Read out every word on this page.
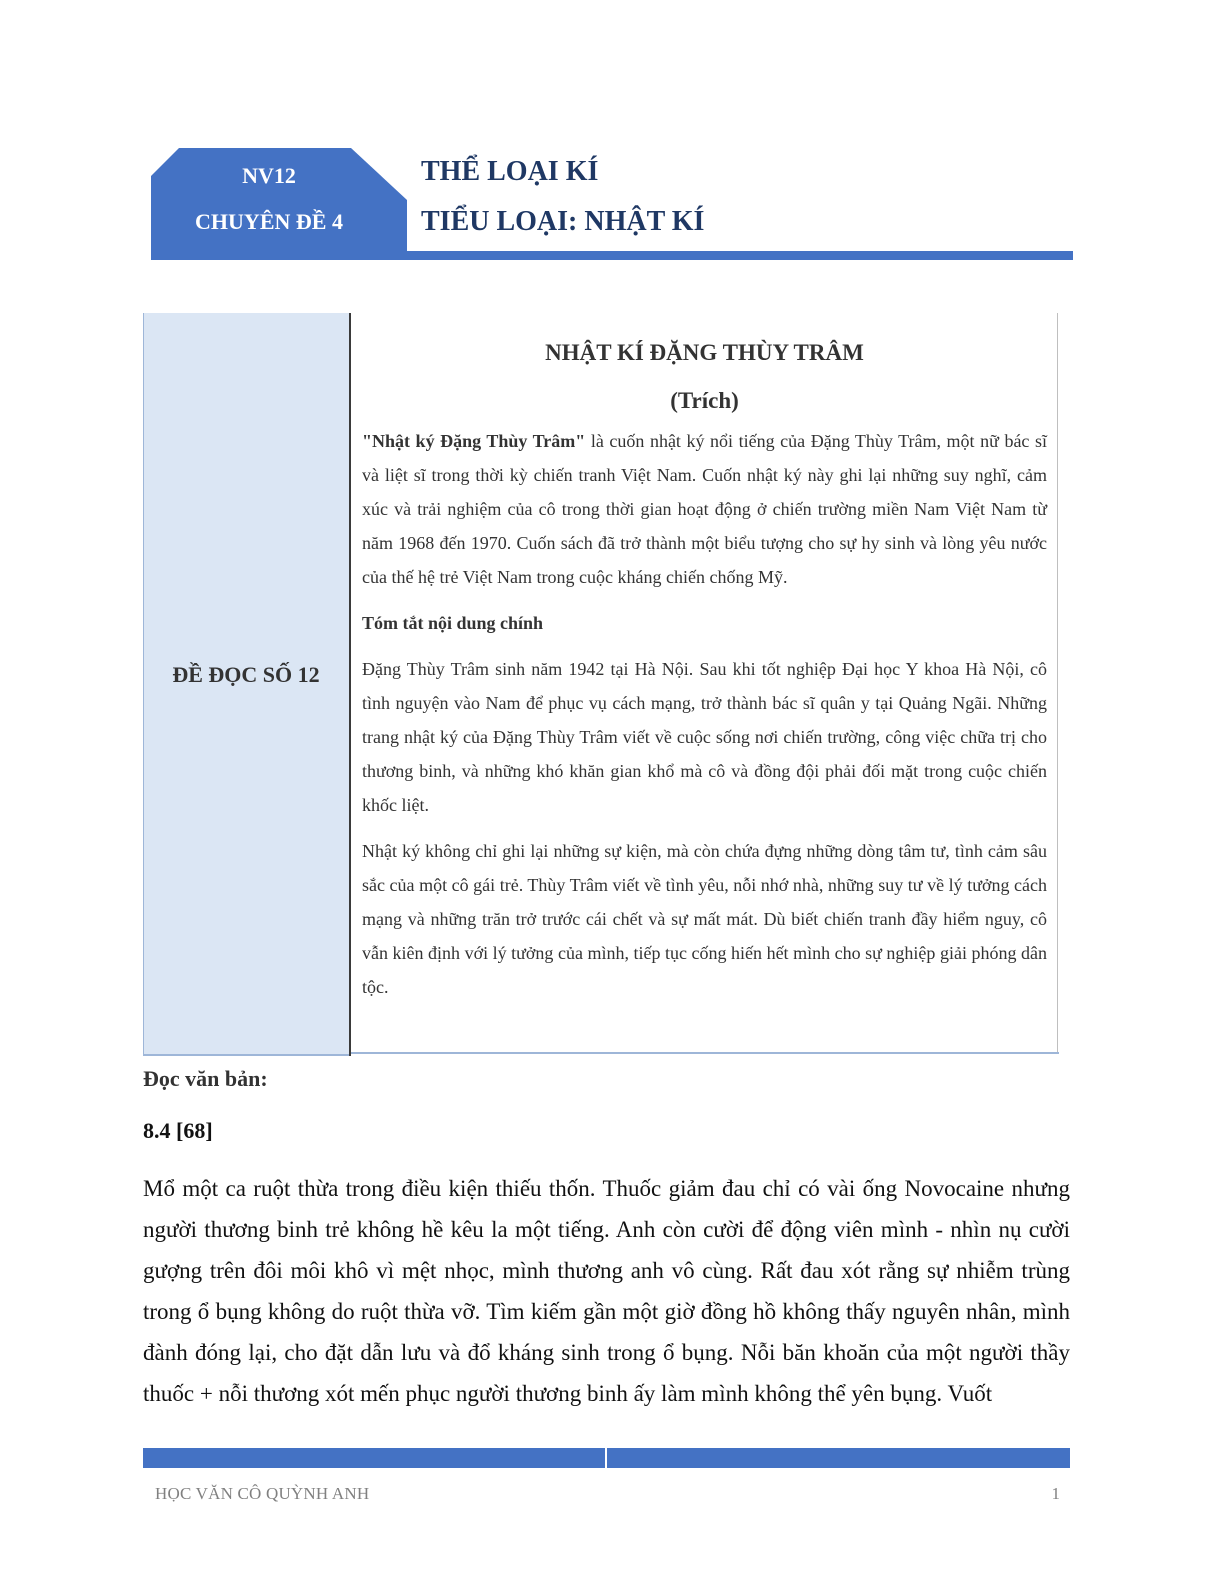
NV12
CHUYÊN ĐỀ 4
THỂ LOẠI KÍ
TIỂU LOẠI: NHẬT KÍ
ĐỀ ĐỌC SỐ 12
NHẬT KÍ ĐẶNG THÙY TRÂM
(Trích)

"Nhật ký Đặng Thùy Trâm" là cuốn nhật ký nổi tiếng của Đặng Thùy Trâm, một nữ bác sĩ và liệt sĩ trong thời kỳ chiến tranh Việt Nam. Cuốn nhật ký này ghi lại những suy nghĩ, cảm xúc và trải nghiệm của cô trong thời gian hoạt động ở chiến trường miền Nam Việt Nam từ năm 1968 đến 1970. Cuốn sách đã trở thành một biểu tượng cho sự hy sinh và lòng yêu nước của thế hệ trẻ Việt Nam trong cuộc kháng chiến chống Mỹ.

Tóm tắt nội dung chính

Đặng Thùy Trâm sinh năm 1942 tại Hà Nội. Sau khi tốt nghiệp Đại học Y khoa Hà Nội, cô tình nguyện vào Nam để phục vụ cách mạng, trở thành bác sĩ quân y tại Quảng Ngãi. Những trang nhật ký của Đặng Thùy Trâm viết về cuộc sống nơi chiến trường, công việc chữa trị cho thương binh, và những khó khăn gian khổ mà cô và đồng đội phải đối mặt trong cuộc chiến khốc liệt.

Nhật ký không chỉ ghi lại những sự kiện, mà còn chứa đựng những dòng tâm tư, tình cảm sâu sắc của một cô gái trẻ. Thùy Trâm viết về tình yêu, nỗi nhớ nhà, những suy tư về lý tưởng cách mạng và những trăn trở trước cái chết và sự mất mát. Dù biết chiến tranh đầy hiểm nguy, cô vẫn kiên định với lý tưởng của mình, tiếp tục cống hiến hết mình cho sự nghiệp giải phóng dân tộc.

Đọc văn bản:
8.4 [68]
Mổ một ca ruột thừa trong điều kiện thiếu thốn. Thuốc giảm đau chỉ có vài ống Novocaine nhưng người thương binh trẻ không hề kêu la một tiếng. Anh còn cười để động viên mình - nhìn nụ cười gượng trên đôi môi khô vì mệt nhọc, mình thương anh vô cùng. Rất đau xót rằng sự nhiễm trùng trong ổ bụng không do ruột thừa vỡ. Tìm kiếm gần một giờ đồng hồ không thấy nguyên nhân, mình đành đóng lại, cho đặt dẫn lưu và đổ kháng sinh trong ổ bụng. Nỗi băn khoăn của một người thầy thuốc + nỗi thương xót mến phục người thương binh ấy làm mình không thể yên bụng. Vuốt
HỌC VĂN CÔ QUỲNH ANH	1
